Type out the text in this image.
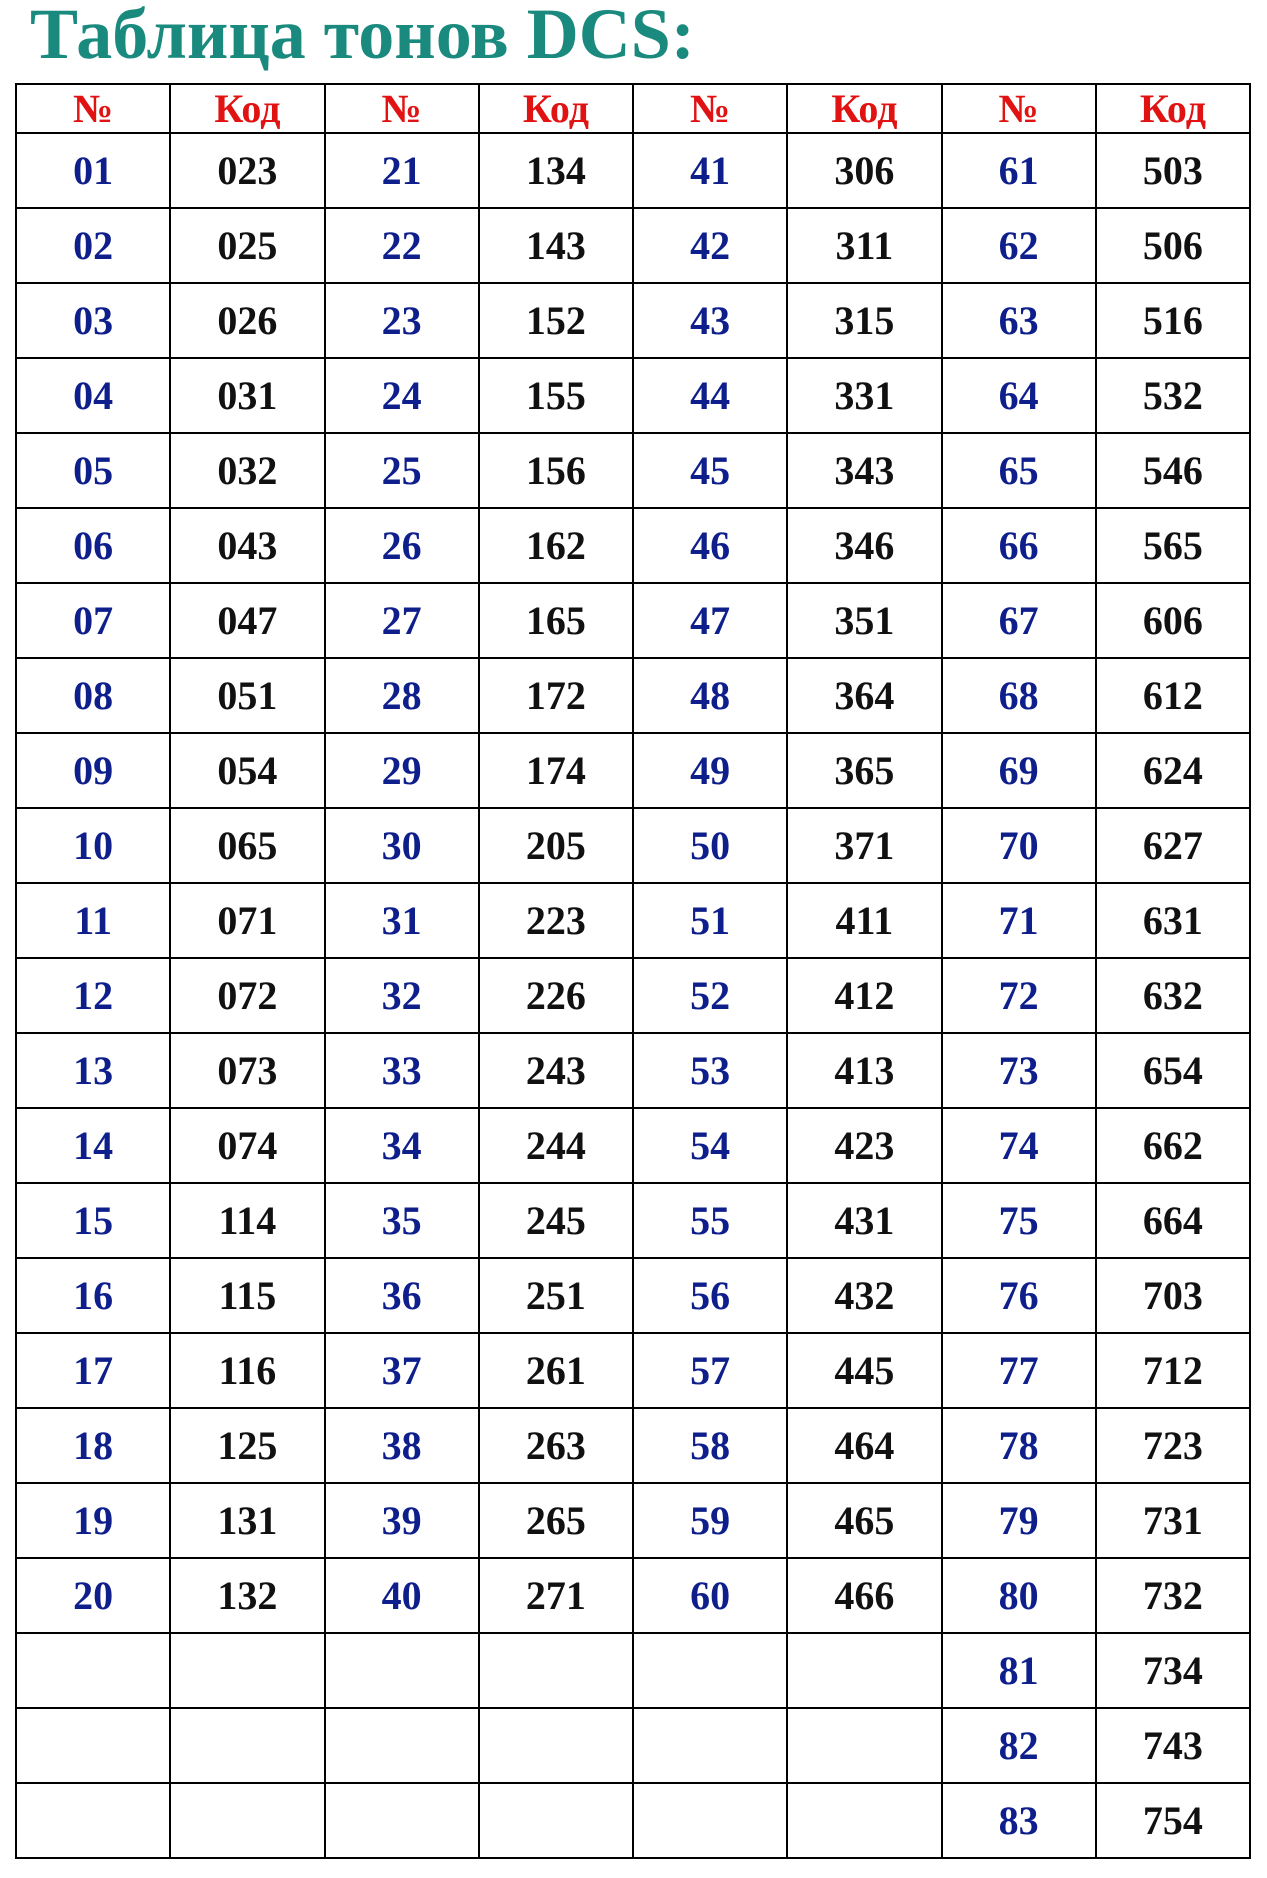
Таблица тонов DCS:
№	Код	№	Код	№	Код	№	Код
01	023	21	134	41	306	61	503
02	025	22	143	42	311	62	506
03	026	23	152	43	315	63	516
04	031	24	155	44	331	64	532
05	032	25	156	45	343	65	546
06	043	26	162	46	346	66	565
07	047	27	165	47	351	67	606
08	051	28	172	48	364	68	612
09	054	29	174	49	365	69	624
10	065	30	205	50	371	70	627
11	071	31	223	51	411	71	631
12	072	32	226	52	412	72	632
13	073	33	243	53	413	73	654
14	074	34	244	54	423	74	662
15	114	35	245	55	431	75	664
16	115	36	251	56	432	76	703
17	116	37	261	57	445	77	712
18	125	38	263	58	464	78	723
19	131	39	265	59	465	79	731
20	132	40	271	60	466	80	732
						81	734
						82	743
						83	754
